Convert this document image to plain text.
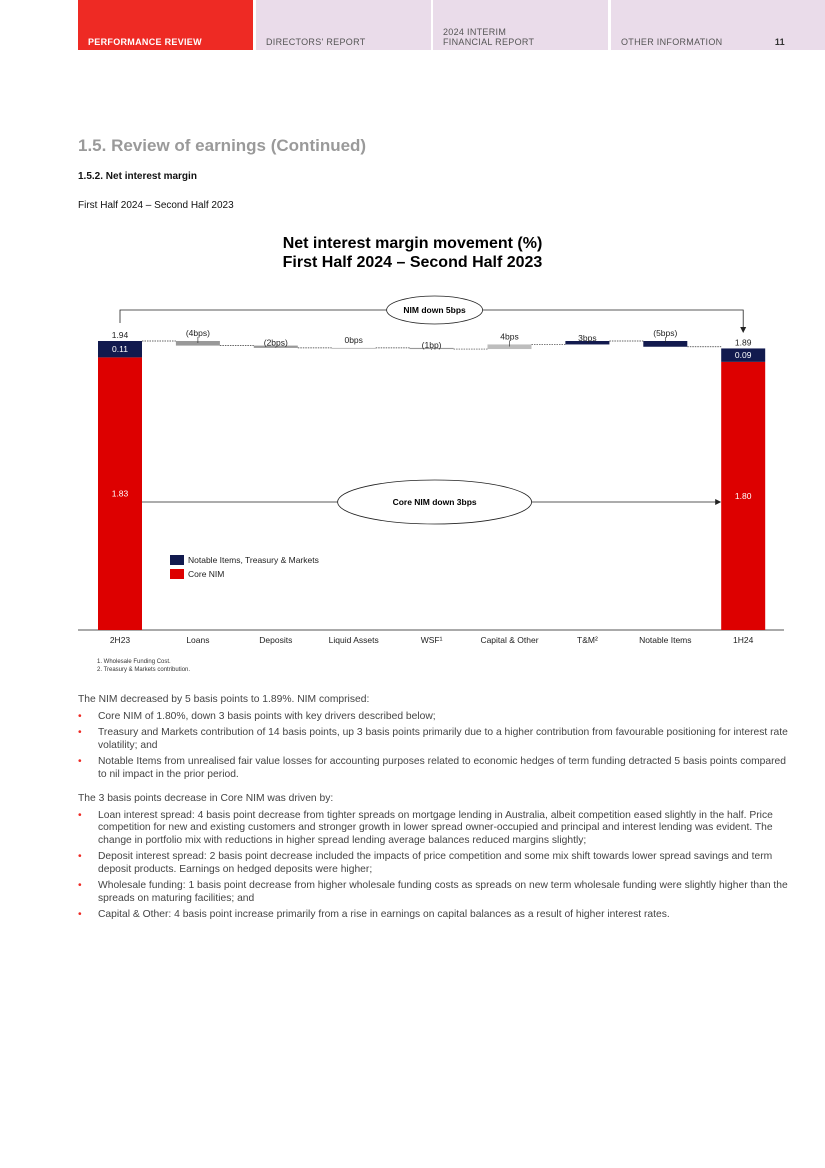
PERFORMANCE REVIEW	DIRECTORS' REPORT
2024 INTERIM
FINANCIAL REPORT	OTHER INFORMATION	11
1.5. Review of earnings (Continued)
1.5.2. Net interest margin
First Half 2024 – Second Half 2023
Net interest margin movement (%)
First Half 2024 – Second Half 2023
2H23	Loans	Deposits	Liquid Assets	WSF¹	Capital & Other	T&M²	Notable Items	1H24
1.94
0.11
1.83
1.89
0.09
1.80
(4bps)
(2bps)	0bps	(1bp)
4bps	3bps	(5bps)
NIM down 5bps
Core NIM down 3bps
Notable Items, Treasury & Markets
Core NIM
1. Wholesale Funding Cost.
2. Treasury & Markets contribution.

The NIM decreased by 5 basis points to 1.89%. NIM comprised:

• Core NIM of 1.80%, down 3 basis points with key drivers described below;
• Treasury and Markets contribution of 14 basis points, up 3 basis points primarily due to a higher contribution from favourable positioning for interest rate volatility; and
• Notable Items from unrealised fair value losses for accounting purposes related to economic hedges of term funding detracted 5 basis points compared to nil impact in the prior period.

The 3 basis points decrease in Core NIM was driven by:

• Loan interest spread: 4 basis point decrease from tighter spreads on mortgage lending in Australia, albeit competition eased slightly in the half. Price competition for new and existing customers and stronger growth in lower spread owner-occupied and principal and interest lending was evident. The change in portfolio mix with reductions in higher spread lending average balances reduced margins slightly;
• Deposit interest spread: 2 basis point decrease included the impacts of price competition and some mix shift towards lower spread savings and term deposit products. Earnings on hedged deposits were higher;
• Wholesale funding: 1 basis point decrease from higher wholesale funding costs as spreads on new term wholesale funding were slightly higher than the spreads on maturing facilities; and
• Capital & Other: 4 basis point increase primarily from a rise in earnings on capital balances as a result of higher interest rates.
